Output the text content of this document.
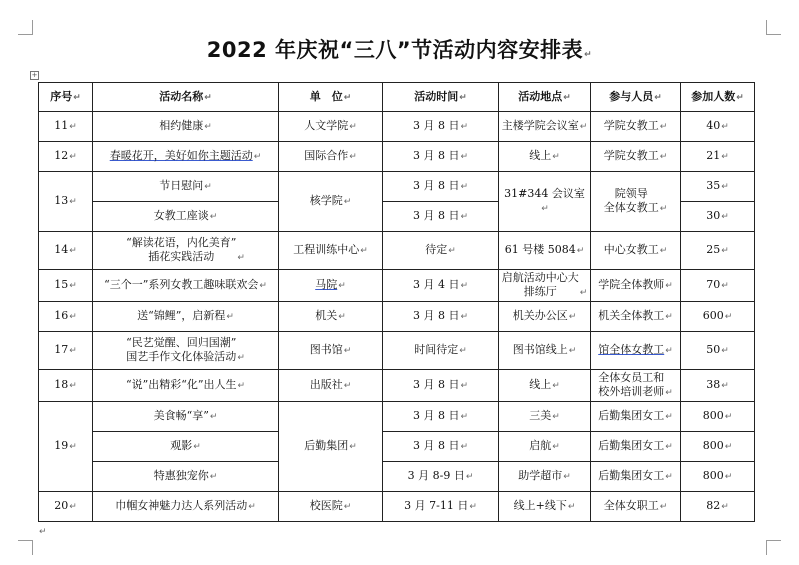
2022 年庆祝“三八”节活动内容安排表↵
+
序号↵	活动名称↵	单　位↵	活动时间↵	活动地点↵	参与人员↵	参加人数↵
11↵	相约健康↵	人文学院↵	3 月 8 日↵	主楼学院会议室↵	学院女教工↵	40↵
12↵	春暖花开，美好如你主题活动↵	国际合作↵	3 月 8 日↵	线上↵	学院女教工↵	21↵
13↵	节日慰问↵	核学院↵	3 月 8 日↵	31#344 会议室↵	院领导
全体女教工↵	35↵
	女教工座谈↵		3 月 8 日↵			30↵
14↵	“解读花语，内化美育”
插花实践活动 ↵	工程训练中心↵	待定↵	61 号楼 5084↵	中心女教工↵	25↵
15↵	“三个一”系列女教工趣味联欢会↵	马院↵	3 月 4 日↵	启航活动中心大
排练厅 ↵	学院全体教师↵	70↵
16↵	送“锦鲤”，启新程↵	机关↵	3 月 8 日↵	机关办公区↵	机关全体教工↵	600↵
17↵	“民艺觉醒、回归国潮”
国艺手作文化体验活动↵	图书馆↵	时间待定↵	图书馆线上↵	馆全体女教工↵	50↵
18↵	“说”出精彩“化”出人生↵	出版社↵	3 月 8 日↵	线上↵	全体女员工和
校外培训老师↵	38↵
19↵	美食畅“享”↵	后勤集团↵	3 月 8 日↵	三美↵	后勤集团女工↵	800↵
	观影↵		3 月 8 日↵	启航↵	后勤集团女工↵	800↵
	特惠独宠你↵		3 月 8-9 日↵	助学超市↵	后勤集团女工↵	800↵
20↵	巾帼女神魅力达人系列活动↵	校医院↵	3 月 7-11 日↵	线上+线下↵	全体女职工↵	82↵
↵
